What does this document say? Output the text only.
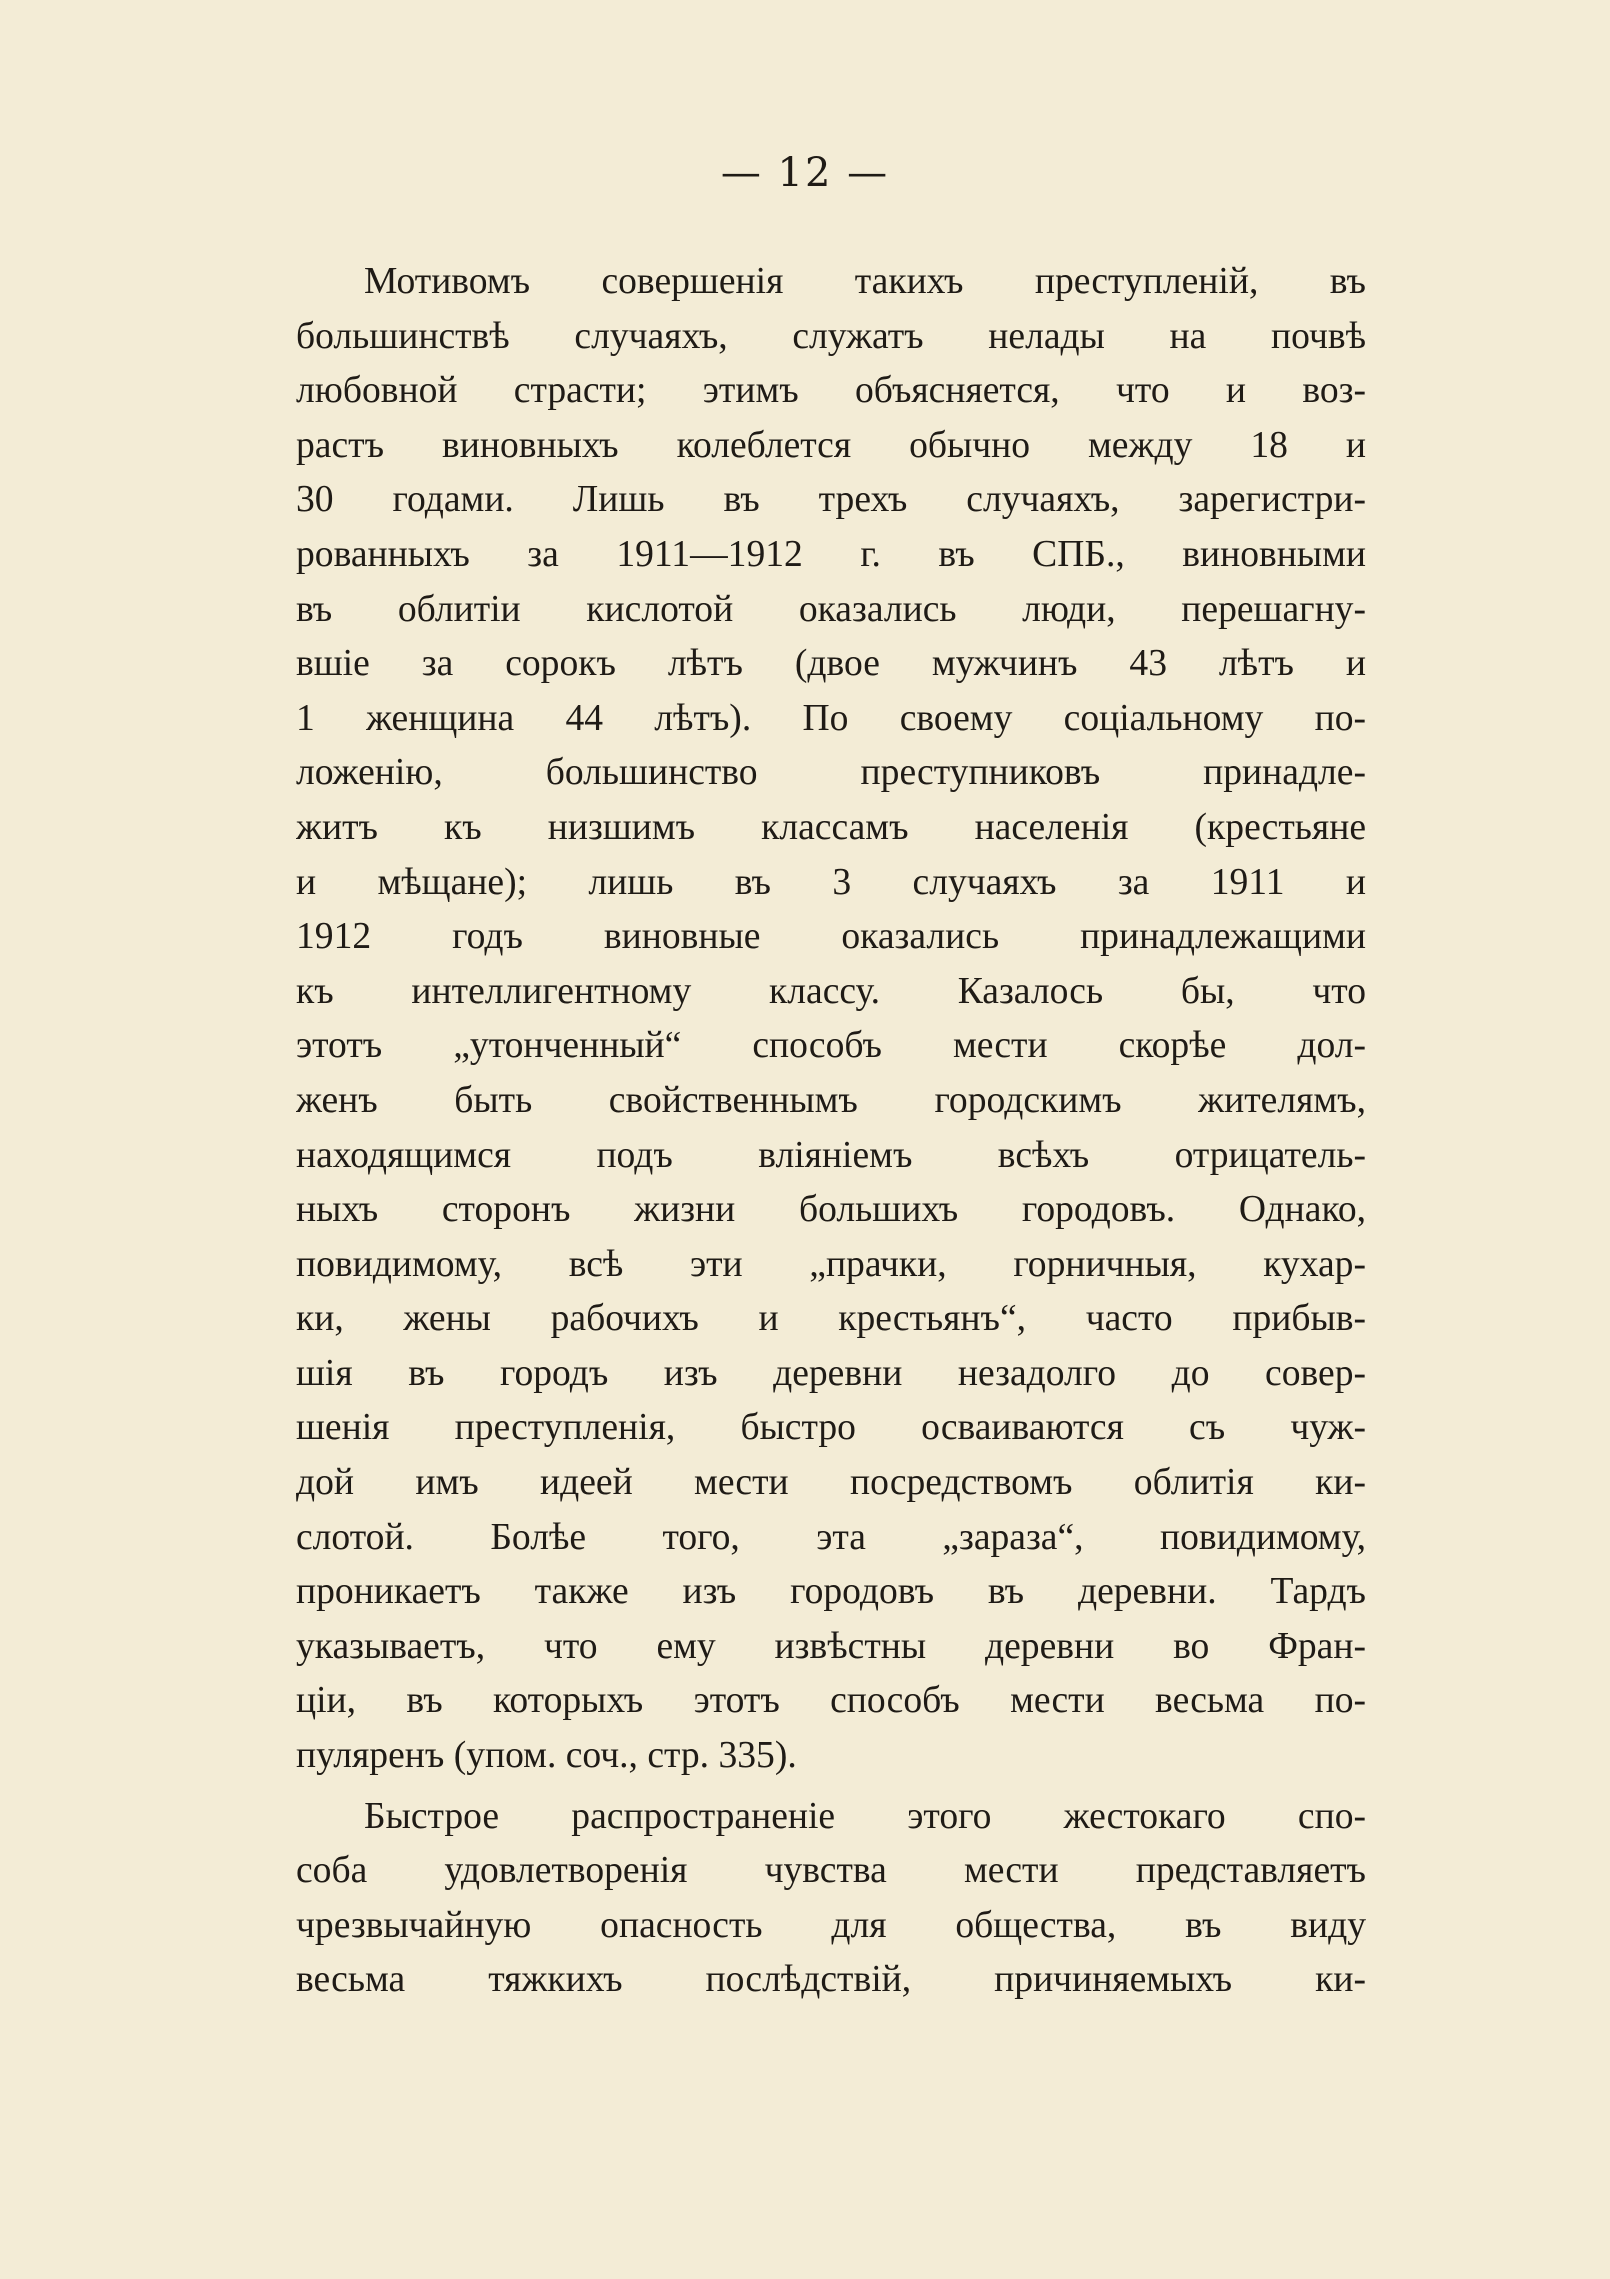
— 12 —
Мотивомъ совершенія такихъ преступленій, въ
большинствѣ случаяхъ, служатъ нелады на почвѣ
любовной страсти; этимъ объясняется, что и воз-
растъ виновныхъ колеблется обычно между 18 и
30 годами. Лишь въ трехъ случаяхъ, зарегистри-
рованныхъ за 1911—1912 г. въ СПБ., виновными
въ облитіи кислотой оказались люди, перешагну-
вшіе за сорокъ лѣтъ (двое мужчинъ 43 лѣтъ и
1 женщина 44 лѣтъ). По своему соціальному по-
ложенію, большинство преступниковъ принадле-
житъ къ низшимъ классамъ населенія (крестьяне
и мѣщане); лишь въ 3 случаяхъ за 1911 и
1912 годъ виновные оказались принадлежащими
къ интеллигентному классу. Казалось бы, что
этотъ „утонченный“ способъ мести скорѣе дол-
женъ быть свойственнымъ городскимъ жителямъ,
находящимся подъ вліяніемъ всѣхъ отрицатель-
ныхъ сторонъ жизни большихъ городовъ. Однако,
повидимому, всѣ эти „прачки, горничныя, кухар-
ки, жены рабочихъ и крестьянъ“, часто прибыв-
шія въ городъ изъ деревни незадолго до совер-
шенія преступленія, быстро осваиваются съ чуж-
дой имъ идеей мести посредствомъ облитія ки-
слотой. Болѣе того, эта „зараза“, повидимому,
проникаетъ также изъ городовъ въ деревни. Тардъ
указываетъ, что ему извѣстны деревни во Фран-
ціи, въ которыхъ этотъ способъ мести весьма по-
пуляренъ (упом. соч., стр. 335).
Быстрое распространеніе этого жестокаго спо-
соба удовлетворенія чувства мести представляетъ
чрезвычайную опасность для общества, въ виду
весьма тяжкихъ послѣдствій, причиняемыхъ ки-
